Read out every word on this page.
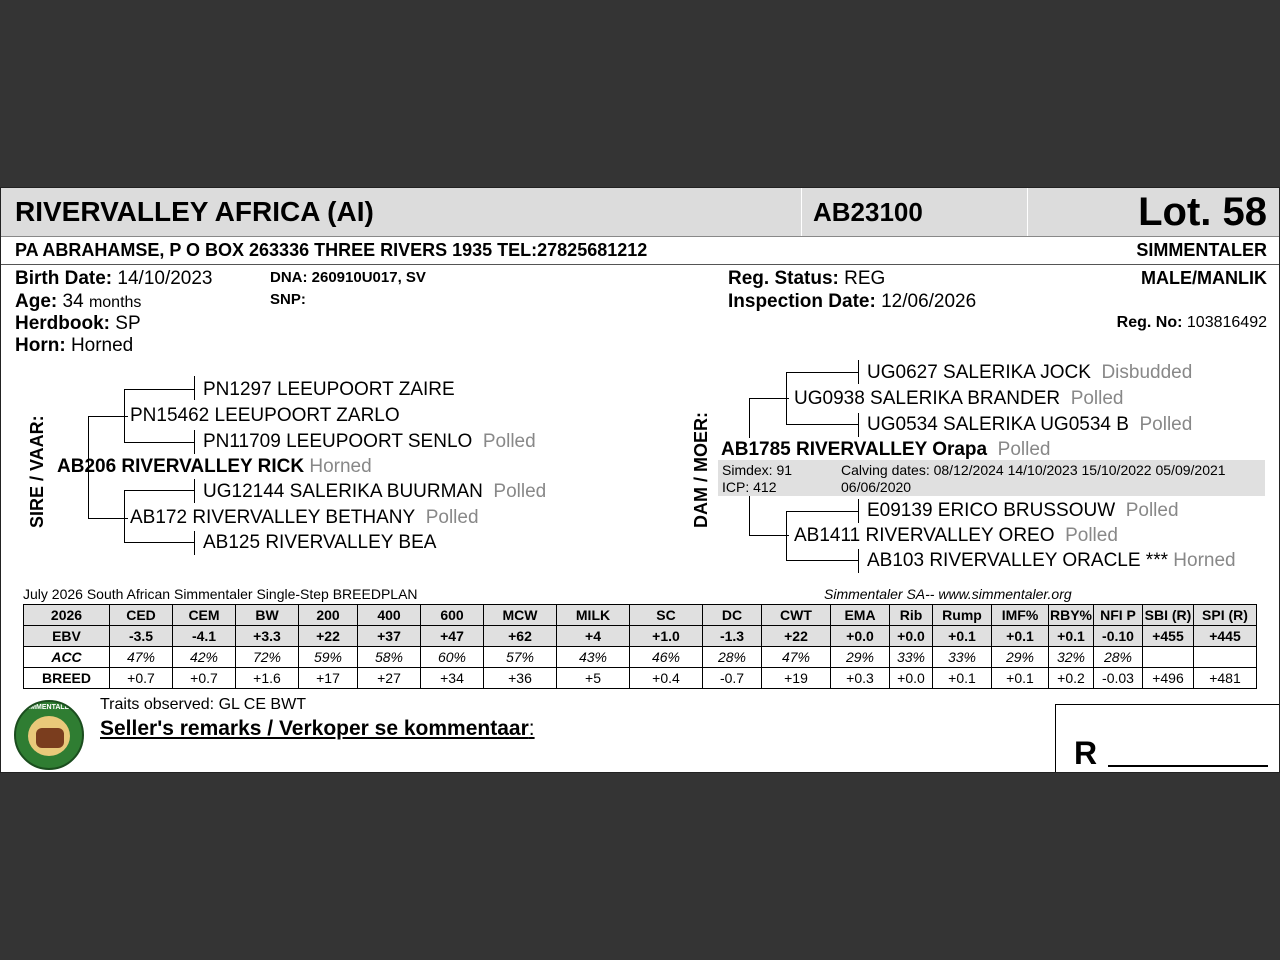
RIVERVALLEY AFRICA (AI)	AB23100	Lot. 58
PA ABRAHAMSE, P O BOX 263336 THREE RIVERS 1935 TEL:27825681212	SIMMENTALER
Birth Date: 14/10/2023
Age: 34 months
Herdbook: SP
Horn: Horned
DNA: 260910U017, SV
SNP:
Reg. Status: REG
Inspection Date: 12/06/2026
MALE/MANLIK
Reg. No: 103816492
SIRE / VAAR:
PN1297 LEEUPOORT ZAIRE
PN15462 LEEUPOORT ZARLO
PN11709 LEEUPOORT SENLO Polled
AB206 RIVERVALLEY RICK Horned
UG12144 SALERIKA BUURMAN Polled
AB172 RIVERVALLEY BETHANY Polled
AB125 RIVERVALLEY BEA
DAM / MOER:
UG0627 SALERIKA JOCK Disbudded
UG0938 SALERIKA BRANDER Polled
UG0534 SALERIKA UG0534 B Polled
AB1785 RIVERVALLEY Orapa Polled
Simdex: 91
ICP: 412
Calving dates: 08/12/2024 14/10/2023 15/10/2022 05/09/2021
06/06/2020
E09139 ERICO BRUSSOUW Polled
AB1411 RIVERVALLEY OREO Polled
AB103 RIVERVALLEY ORACLE *** Horned
July 2026 South African Simmentaler Single-Step BREEDPLAN	Simmentaler SA-- www.simmentaler.org
2026	CED	CEM	BW	200	400	600	MCW	MILK	SC	DC	CWT	EMA	Rib	Rump	IMF%	RBY%	NFI P	SBI (R)	SPI (R)
EBV	-3.5	-4.1	+3.3	+22	+37	+47	+62	+4	+1.0	-1.3	+22	+0.0	+0.0	+0.1	+0.1	+0.1	-0.10	+455	+445
ACC	47%	42%	72%	59%	58%	60%	57%	43%	46%	28%	47%	29%	33%	33%	29%	32%	28%		
BREED	+0.7	+0.7	+1.6	+17	+27	+34	+36	+5	+0.4	-0.7	+19	+0.3	+0.0	+0.1	+0.1	+0.2	-0.03	+496	+481
SIMMENTALER Traits observed: GL CE BWT
Seller's remarks / Verkoper se kommentaar:
R
